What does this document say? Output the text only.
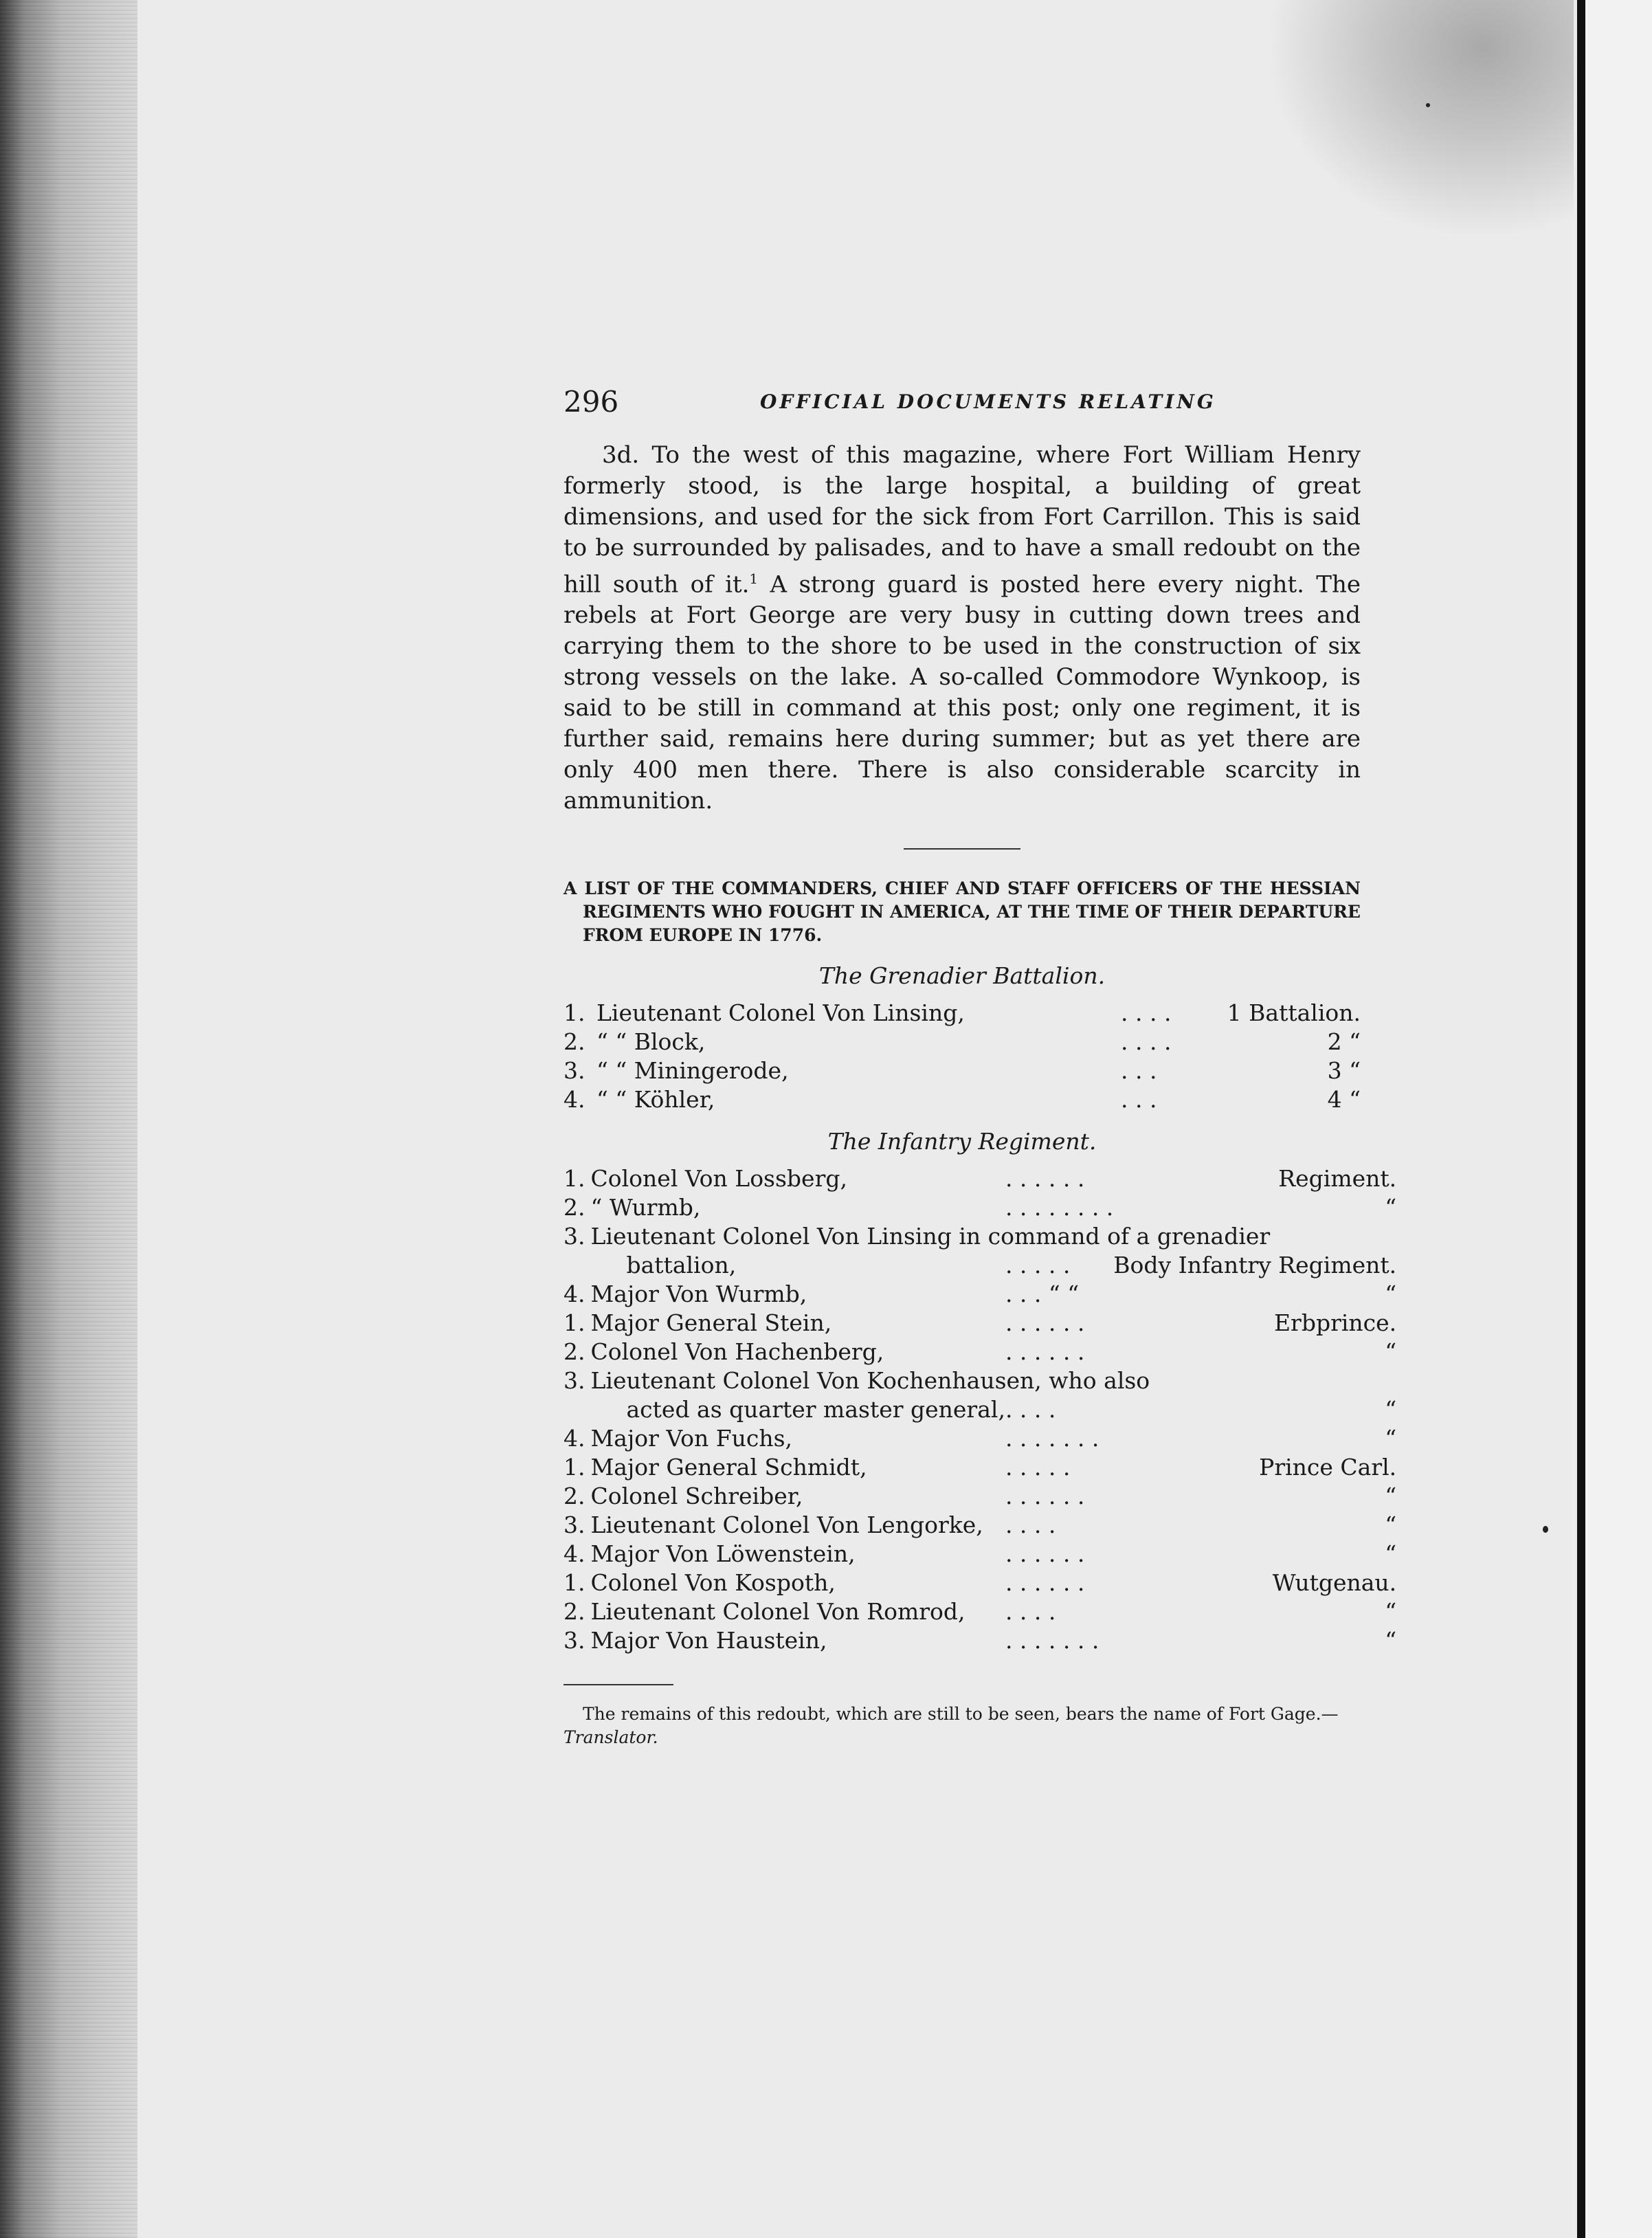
296	OFFICIAL DOCUMENTS RELATING

3d. To the west of this magazine, where Fort William Henry formerly stood, is the large hospital, a building of great dimensions, and used for the sick from Fort Carrillon. This is said to be surrounded by palisades, and to have a small redoubt on the hill south of it.$^1$ A strong guard is posted here every night. The rebels at Fort George are very busy in cutting down trees and carrying them to the shore to be used in the construction of six strong vessels on the lake. A so-called Commodore Wynkoop, is said to be still in command at this post; only one regiment, it is further said, remains here during summer; but as yet there are only 400 men there. There is also considerable scarcity in ammunition.

A LIST OF THE COMMANDERS, CHIEF AND STAFF OFFICERS OF THE HESSIAN REGIMENTS WHO FOUGHT IN AMERICA, AT THE TIME OF THEIR DEPARTURE FROM EUROPE IN 1776.
The Grenadier Battalion.
1.	Lieutenant Colonel Von Linsing,	. . . .	1 Battalion.
2.	“ “ Block,	. . . .	2 “
3.	“ “ Miningerode,	. . .	3 “
4.	“ “ Köhler,	. . .	4 “
The Infantry Regiment.
1.	Colonel Von Lossberg,	. . . . . .	Regiment.
2.	“ Wurmb,	. . . . . . . .	“
3.	Lieutenant Colonel Von Linsing in command of a grenadier		
	battalion,	. . . . .	Body Infantry Regiment.
4.	Major Von Wurmb,	. . . “ “	“
1.	Major General Stein,	. . . . . .	Erbprince.
2.	Colonel Von Hachenberg,	. . . . . .	“
3.	Lieutenant Colonel Von Kochenhausen, who also		
	acted as quarter master general,	. . . .	“
4.	Major Von Fuchs,	. . . . . . .	“
1.	Major General Schmidt,	. . . . .	Prince Carl.
2.	Colonel Schreiber,	. . . . . .	“
3.	Lieutenant Colonel Von Lengorke,	. . . .	“
4.	Major Von Löwenstein,	. . . . . .	“
1.	Colonel Von Kospoth,	. . . . . .	Wutgenau.
2.	Lieutenant Colonel Von Romrod,	. . . .	“
3.	Major Von Haustein,	. . . . . . .	“

The remains of this redoubt, which are still to be seen, bears the name of Fort Gage.— Translator.
